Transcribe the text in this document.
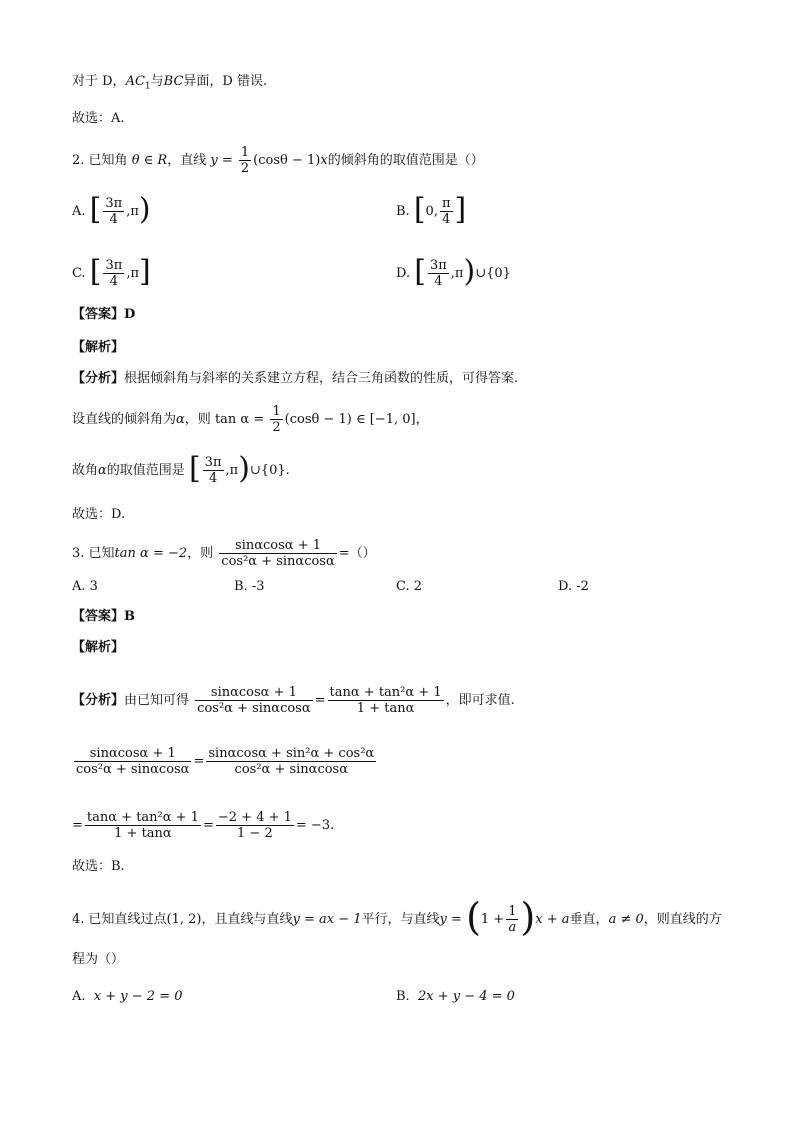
对于 D，$AC_1$与BC异面，D 错误.
故选：A.
2. 已知角 θ ∈ R，直线 $y = \frac{1}{2} (\cos\theta - 1)x$的倾斜角的取值范围是（）
A. [ $\frac{3\pi}{4} ,\pi$)	B. [0, $\frac{\pi}{4}$ ]
C. [ $\frac{3\pi}{4} ,\pi$]	D. [ $\frac{3\pi}{4}$ ,π)∪{0}
【答案】D
【解析】
【分析】根据倾斜角与斜率的关系建立方程，结合三角函数的性质，可得答案.
设直线的倾斜角为α，则 $\tan \alpha = \frac{1}{2} (\cos\theta - 1)$ ∈ [−1, 0]，
故角α的取值范围是 [ $\frac{3\pi}{4}$ ,π)∪{0}.
故选：D.
3. 已知tan α = −2，则 $\frac{\sin\alpha\cos\alpha + 1}{\text{cos²α + sinαcosα}}$ =（）
A. 3	B. -3	C. 2	D. -2
【答案】B
【解析】
【分析】由已知可得 $\frac{\sin\alpha\cos\alpha + 1}{\text{cos²α + sinαcosα}} = \frac{\text{tanα + tan²α + 1}}{1 + \tan\alpha}$ ，即可求值.
$\frac{\sin\alpha\cos\alpha + 1}{\text{cos²α + sinαcosα}} = \frac{\text{sinαcosα + sin²α + cos²α}}{\text{cos²α + sinαcosα}}$
= $\frac{\text{tanα + tan²α + 1}}{1 + \tan\alpha} = \frac{-2 + 4 + 1}{1 - 2} = -3$.
故选：B.
4. 已知直线过点(1, 2)，且直线与直线y = ax − 1平行，与直线$y = (1 + \frac{1}{a} )x + a$垂直，a ≠ 0，则直线的方
程为（）
A. x + y − 2 = 0	B. 2x + y − 4 = 0
